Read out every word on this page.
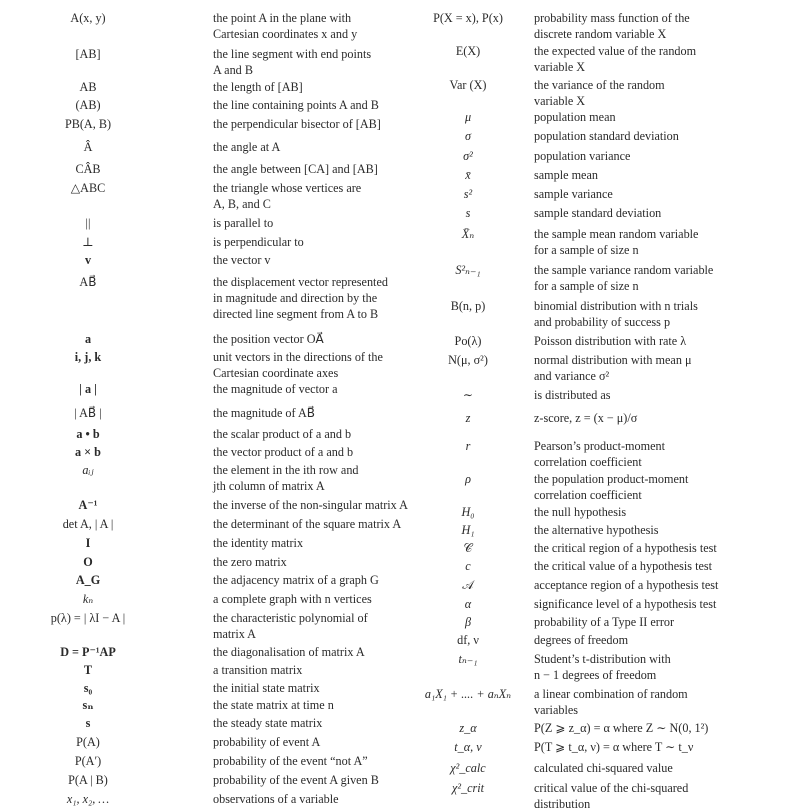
A(x, y)	the point A in the plane with
Cartesian coordinates x and y
[AB]	the line segment with end points
A and B
AB	the length of [AB]
(AB)	the line containing points A and B
PB(A, B)	the perpendicular bisector of [AB]
Â	the angle at A
CÂB	the angle between [CA] and [AB]
△ABC	the triangle whose vertices are
A, B, and C
||	is parallel to
⊥	is perpendicular to
v	the vector v
AB⃗	the displacement vector represented
in magnitude and direction by the
directed line segment from A to B
a	the position vector OA⃗
i, j, k	unit vectors in the directions of the
Cartesian coordinate axes
| a |	the magnitude of vector a
| AB⃗ |	the magnitude of AB⃗
a • b	the scalar product of a and b
a × b	the vector product of a and b
aᵢⱼ	the element in the ith row and
jth column of matrix A
A⁻¹	the inverse of the non-singular matrix A
det A, | A |	the determinant of the square matrix A
I	the identity matrix
O	the zero matrix
A_G	the adjacency matrix of a graph G
kₙ	a complete graph with n vertices
p(λ) = | λI − A |	the characteristic polynomial of
matrix A
D = P⁻¹AP	the diagonalisation of matrix A
T	a transition matrix
s₀	the initial state matrix
sₙ	the state matrix at time n
s	the steady state matrix
P(A)	probability of event A
P(A′)	probability of the event “not A”
P(A | B)	probability of the event A given B
x₁, x₂, …	observations of a variable
P(X = x), P(x)	probability mass function of the
discrete random variable X
E(X)	the expected value of the random
variable X
Var (X)	the variance of the random
variable X
μ	population mean
σ	population standard deviation
σ²	population variance
x̄	sample mean
s²	sample variance
s	sample standard deviation
X̄ₙ	the sample mean random variable
for a sample of size n
S²ₙ₋₁	the sample variance random variable
for a sample of size n
B(n, p)	binomial distribution with n trials
and probability of success p
Po(λ)	Poisson distribution with rate λ
N(μ, σ²)	normal distribution with mean μ
and variance σ²
∼	is distributed as
z	z-score, z = (x − μ)/σ
r	Pearson’s product-moment
correlation coefficient
ρ	the population product-moment
correlation coefficient
H₀	the null hypothesis
H₁	the alternative hypothesis
𝒞	the critical region of a hypothesis test
c	the critical value of a hypothesis test
𝒜	acceptance region of a hypothesis test
α	significance level of a hypothesis test
β	probability of a Type II error
df, ν	degrees of freedom
tₙ₋₁	Student’s t-distribution with
n − 1 degrees of freedom
a₁X₁ + .... + aₙXₙ	a linear combination of random
variables
z_α	P(Z ⩾ z_α) = α where Z ∼ N(0, 1²)
t_α, ν	P(T ⩾ t_α, ν) = α where T ∼ t_ν
χ²_calc	calculated chi-squared value
χ²_crit	critical value of the chi-squared
distribution
